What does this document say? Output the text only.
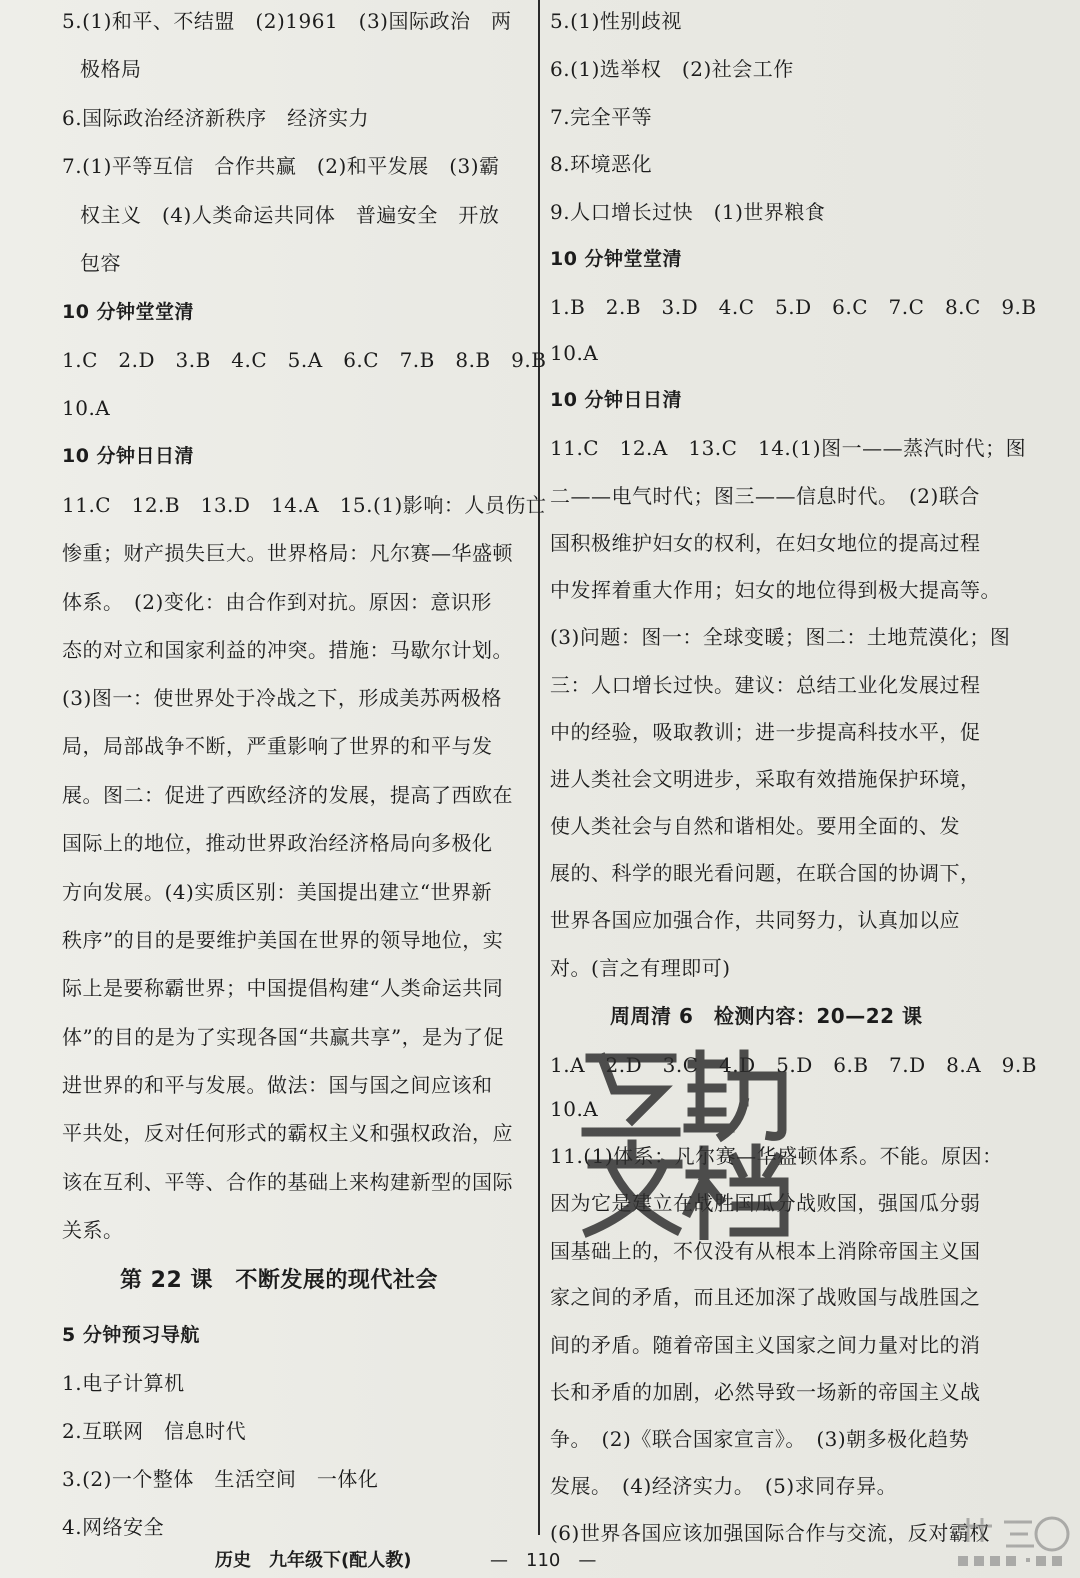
5.(1)和平、不结盟　(2)1961　(3)国际政治　两
极格局
6.国际政治经济新秩序　经济实力
7.(1)平等互信　合作共赢　(2)和平发展　(3)霸
权主义　(4)人类命运共同体　普遍安全　开放
包容
10 分钟堂堂清
1.C　2.D　3.B　4.C　5.A　6.C　7.B　8.B　9.B
10.A
10 分钟日日清
11.C　12.B　13.D　14.A　15.(1)影响：人员伤亡
惨重；财产损失巨大。世界格局：凡尔赛—华盛顿
体系。　(2)变化：由合作到对抗。原因：意识形
态的对立和国家利益的冲突。措施：马歇尔计划。
(3)图一：使世界处于冷战之下，形成美苏两极格
局，局部战争不断，严重影响了世界的和平与发
展。图二：促进了西欧经济的发展，提高了西欧在
国际上的地位，推动世界政治经济格局向多极化
方向发展。(4)实质区别：美国提出建立“世界新
秩序”的目的是要维护美国在世界的领导地位，实
际上是要称霸世界；中国提倡构建“人类命运共同
体”的目的是为了实现各国“共赢共享”，是为了促
进世界的和平与发展。做法：国与国之间应该和
平共处，反对任何形式的霸权主义和强权政治，应
该在互利、平等、合作的基础上来构建新型的国际
关系。
第 22 课　不断发展的现代社会
5 分钟预习导航
1.电子计算机
2.互联网　信息时代
3.(2)一个整体　生活空间　一体化
4.网络安全
5.(1)性别歧视
6.(1)选举权　(2)社会工作
7.完全平等
8.环境恶化
9.人口增长过快　(1)世界粮食
10 分钟堂堂清
1.B　2.B　3.D　4.C　5.D　6.C　7.C　8.C　9.B
10.A
10 分钟日日清
11.C　12.A　13.C　14.(1)图一——蒸汽时代；图
二——电气时代；图三——信息时代。　(2)联合
国积极维护妇女的权利，在妇女地位的提高过程
中发挥着重大作用；妇女的地位得到极大提高等。
(3)问题：图一：全球变暖；图二：土地荒漠化；图
三：人口增长过快。建议：总结工业化发展过程
中的经验，吸取教训；进一步提高科技水平，促
进人类社会文明进步，采取有效措施保护环境，
使人类社会与自然和谐相处。要用全面的、发
展的、科学的眼光看问题，在联合国的协调下，
世界各国应加强合作，共同努力，认真加以应
对。(言之有理即可)
周周清 6　检测内容：20—22 课
1.A　2.D　3.C　4.D　5.D　6.B　7.D　8.A　9.B
10.A
11.(1)体系：凡尔赛—华盛顿体系。不能。原因：
因为它是建立在战胜国瓜分战败国，强国瓜分弱
国基础上的，不仅没有从根本上消除帝国主义国
家之间的矛盾，而且还加深了战败国与战胜国之
间的矛盾。随着帝国主义国家之间力量对比的消
长和矛盾的加剧，必然导致一场新的帝国主义战
争。　(2)《联合国家宣言》。　(3)朝多极化趋势
发展。　(4)经济实力。　(5)求同存异。
(6)世界各国应该加强国际合作与交流，反对霸权
历史　九年级下(配人教)	—　110　—
